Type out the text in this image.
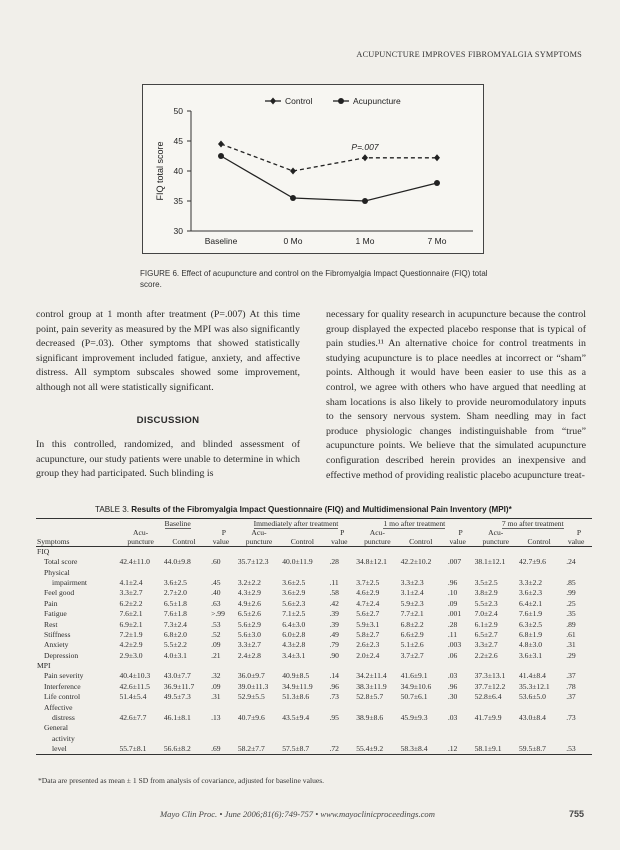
ACUPUNCTURE IMPROVES FIBROMYALGIA SYMPTOMS
30
35
40
45
50
Baseline	0 Mo	1 Mo	7 Mo
FIQ total score	P=.007
Control	Acupuncture
FIGURE 6. Effect of acupuncture and control on the Fibromyalgia Impact Questionnaire (FIQ) total score.

control group at 1 month after treatment (P=.007) At this time point, pain severity as measured by the MPI was also significantly decreased (P=.03). Other symptoms that showed statistically significant improvement included fatigue, anxiety, and affective distress. All symptom subscales showed some improvement, although not all were statistically significant.

DISCUSSION

In this controlled, randomized, and blinded assessment of acupuncture, our study patients were unable to determine in which group they had participated. Such blinding is

necessary for quality research in acupuncture because the control group displayed the expected placebo response that is typical of pain studies.¹¹ An alternative choice for control treatments in studying acupuncture is to place needles at incorrect or “sham” points. Although it would have been easier to use this as a control, we agree with others who have argued that needling at sham locations is also likely to provide neuromodulatory inputs to the sensory nervous system. Sham needling may in fact produce physiologic changes indistinguishable from “true” acupuncture points. We believe that the simulated acupuncture configuration described herein provides an inexpensive and effective method of providing realistic placebo acupuncture treat-

TABLE 3. Results of the Fibromyalgia Impact Questionnaire (FIQ) and Multidimensional Pain Inventory (MPI)*
	Baseline			Immediately after treatment			1 mo after treatment			7 mo after treatment		
Symptoms	Acu-
puncture	Control	P
value	Acu-
puncture	Control	P
value	Acu-
puncture	Control	P
value	Acu-
puncture	Control	P
value
FIQ												
Total score	42.4±11.0	44.0±9.8	.60	35.7±12.3	40.0±11.9	.28	34.8±12.1	42.2±10.2	.007	38.1±12.1	42.7±9.6	.24
Physical												
impairment	4.1±2.4	3.6±2.5	.45	3.2±2.2	3.6±2.5	.11	3.7±2.5	3.3±2.3	.96	3.5±2.5	3.3±2.2	.85
Feel good	3.3±2.7	2.7±2.0	.40	4.3±2.9	3.6±2.9	.58	4.6±2.9	3.1±2.4	.10	3.8±2.9	3.6±2.3	.99
Pain	6.2±2.2	6.5±1.8	.63	4.9±2.6	5.6±2.3	.42	4.7±2.4	5.9±2.3	.09	5.5±2.3	6.4±2.1	.25
Fatigue	7.6±2.1	7.6±1.8	>.99	6.5±2.6	7.1±2.5	.39	5.6±2.7	7.7±2.1	.001	7.0±2.4	7.6±1.9	.35
Rest	6.9±2.1	7.3±2.4	.53	5.6±2.9	6.4±3.0	.39	5.9±3.1	6.8±2.2	.28	6.1±2.9	6.3±2.5	.89
Stiffness	7.2±1.9	6.8±2.0	.52	5.6±3.0	6.0±2.8	.49	5.8±2.7	6.6±2.9	.11	6.5±2.7	6.8±1.9	.61
Anxiety	4.2±2.9	5.5±2.2	.09	3.3±2.7	4.3±2.8	.79	2.6±2.3	5.1±2.6	.003	3.3±2.7	4.8±3.0	.31
Depression	2.9±3.0	4.0±3.1	.21	2.4±2.8	3.4±3.1	.90	2.0±2.4	3.7±2.7	.06	2.2±2.6	3.6±3.1	.29
MPI												
Pain severity	40.4±10.3	43.0±7.7	.32	36.0±9.7	40.9±8.5	.14	34.2±11.4	41.6±9.1	.03	37.3±13.1	41.4±8.4	.37
Interference	42.6±11.5	36.9±11.7	.09	39.0±11.3	34.9±11.9	.96	38.3±11.9	34.9±10.6	.96	37.7±12.2	35.3±12.1	.78
Life control	51.4±5.4	49.5±7.3	.31	52.9±5.5	51.3±8.6	.73	52.8±5.7	50.7±6.1	.30	52.8±6.4	53.6±5.0	.37
Affective												
distress	42.6±7.7	46.1±8.1	.13	40.7±9.6	43.5±9.4	.95	38.9±8.6	45.9±9.3	.03	41.7±9.9	43.0±8.4	.73
General												
activity												
level	55.7±8.1	56.6±8.2	.69	58.2±7.7	57.5±8.7	.72	55.4±9.2	58.3±8.4	.12	58.1±9.1	59.5±8.7	.53
*Data are presented as mean ± 1 SD from analysis of covariance, adjusted for baseline values.
Mayo Clin Proc. • June 2006;81(6):749-757 • www.mayoclinicproceedings.com	755
